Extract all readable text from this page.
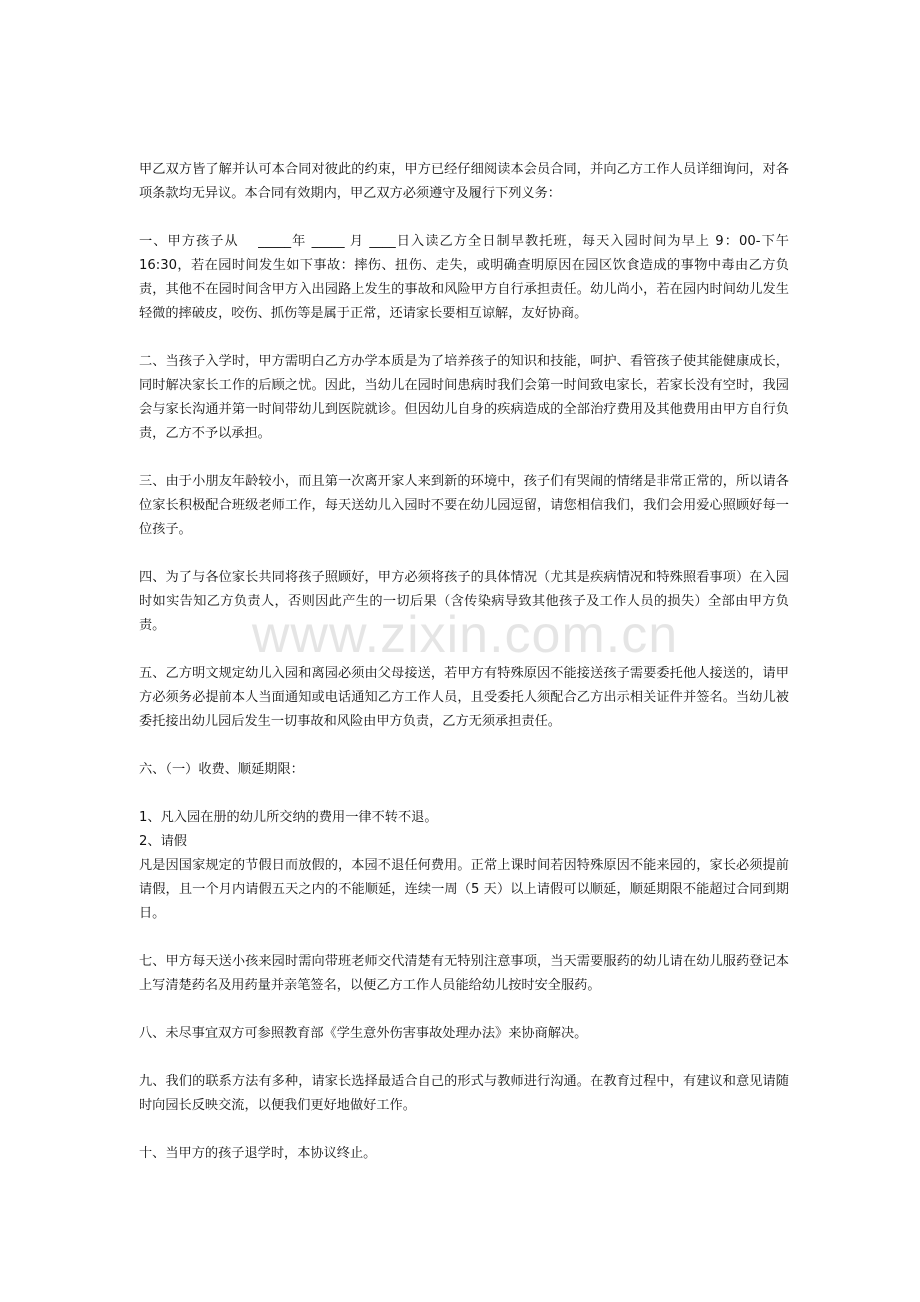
甲乙双方皆了解并认可本合同对彼此的约束，甲方已经仔细阅读本会员合同，并向乙方工作人员详细询问，对各项条款均无异议。本合同有效期内，甲乙双方必须遵守及履行下列义务：

一、甲方孩子从　 _____年 _____ 月 ____日入读乙方全日制早教托班，每天入园时间为早上 9：00-下午16:30，若在园时间发生如下事故：摔伤、扭伤、走失，或明确查明原因在园区饮食造成的事物中毒由乙方负责，其他不在园时间含甲方入出园路上发生的事故和风险甲方自行承担责任。幼儿尚小，若在园内时间幼儿发生轻微的摔破皮，咬伤、抓伤等是属于正常，还请家长要相互谅解，友好协商。

二、当孩子入学时，甲方需明白乙方办学本质是为了培养孩子的知识和技能，呵护、看管孩子使其能健康成长，同时解决家长工作的后顾之忧。因此，当幼儿在园时间患病时我们会第一时间致电家长，若家长没有空时，我园会与家长沟通并第一时间带幼儿到医院就诊。但因幼儿自身的疾病造成的全部治疗费用及其他费用由甲方自行负责，乙方不予以承担。

三、由于小朋友年龄较小，而且第一次离开家人来到新的环境中，孩子们有哭闹的情绪是非常正常的，所以请各位家长积极配合班级老师工作，每天送幼儿入园时不要在幼儿园逗留，请您相信我们，我们会用爱心照顾好每一位孩子。

四、为了与各位家长共同将孩子照顾好，甲方必须将孩子的具体情况（尤其是疾病情况和特殊照看事项）在入园时如实告知乙方负责人，否则因此产生的一切后果（含传染病导致其他孩子及工作人员的损失）全部由甲方负责。

五、乙方明文规定幼儿入园和离园必须由父母接送，若甲方有特殊原因不能接送孩子需要委托他人接送的，请甲方必须务必提前本人当面通知或电话通知乙方工作人员，且受委托人须配合乙方出示相关证件并签名。当幼儿被委托接出幼儿园后发生一切事故和风险由甲方负责，乙方无须承担责任。

六、（一）收费、顺延期限：

1、凡入园在册的幼儿所交纳的费用一律不转不退。

2、请假

凡是因国家规定的节假日而放假的，本园不退任何费用。正常上课时间若因特殊原因不能来园的，家长必须提前请假，且一个月内请假五天之内的不能顺延，连续一周（5 天）以上请假可以顺延，顺延期限不能超过合同到期日。

七、甲方每天送小孩来园时需向带班老师交代清楚有无特别注意事项，当天需要服药的幼儿请在幼儿服药登记本上写清楚药名及用药量并亲笔签名，以便乙方工作人员能给幼儿按时安全服药。

八、未尽事宜双方可参照教育部《学生意外伤害事故处理办法》来协商解决。

九、我们的联系方法有多种，请家长选择最适合自己的形式与教师进行沟通。在教育过程中，有建议和意见请随时向园长反映交流，以便我们更好地做好工作。

十、当甲方的孩子退学时，本协议终止。

www.zixin.com.cn
